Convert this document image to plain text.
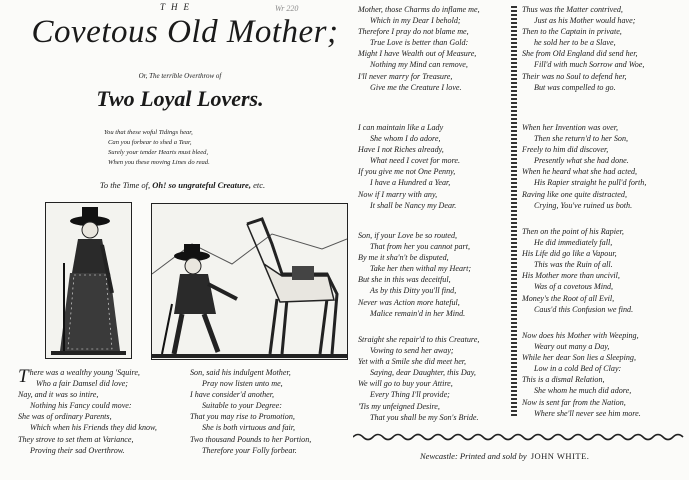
Wr 220
THE
Covetous Old Mother;
Or, The terrible Overthrow of
Two Loyal Lovers.
You that these woful Tidings hear,
Can you forbear to shed a Tear,
Surely your tender Hearts must bleed,
When you these moving Lines do read.
To the Time of, Oh! so ungrateful Creature, etc.
There was a wealthy young 'Squire,
Who a fair Damsel did love;
Nay, and it was so intire,
Nothing his Fancy could move:
She was of ordinary Parents,
Which when his Friends they did know,
They strove to set them at Variance,
Proving their sad Overthrow.
Son, said his indulgent Mother,
Pray now listen unto me,
I have consider'd another,
Suitable to your Degree:
That you may rise to Promotion,
She is both virtuous and fair,
Two thousand Pounds to her Portion,
Therefore your Folly forbear.
Mother, those Charms do inflame me,
Which in my Dear I behold;
Therefore I pray do not blame me,
True Love is better than Gold:
Might I have Wealth out of Measure,
Nothing my Mind can remove,
I'll never marry for Treasure,
Give me the Creature I love.
I can maintain like a Lady
She whom I do adore,
Have I not Riches already,
What need I covet for more.
If you give me not One Penny,
I have a Hundred a Year,
Now if I marry with any,
It shall be Nancy my Dear.
Son, if your Love be so routed,
That from her you cannot part,
By me it sha'n't be disputed,
Take her then withal my Heart;
But she in this was deceitful,
As by this Ditty you'll find,
Never was Action more hateful,
Malice remain'd in her Mind.
Straight she repair'd to this Creature,
Vowing to send her away;
Yet with a Smile she did meet her,
Saying, dear Daughter, this Day,
We will go to buy your Attire,
Every Thing I'll provide;
'Tis my unfeigned Desire,
That you shall be my Son's Bride.
Thus was the Matter contrived,
Just as his Mother would have;
Then to the Captain in private,
he sold her to be a Slave,
She from Old England did send her,
Fill'd with much Sorrow and Woe,
Their was no Soul to defend her,
But was compelled to go.
When her Invention was over,
Then she return'd to her Son,
Freely to him did discover,
Presently what she had done.
When he heard what she had acted,
His Rapier straight he pull'd forth,
Raving like one quite distracted,
Crying, You've ruined us both.
Then on the point of his Rapier,
He did immediately fall,
His Life did go like a Vapour,
This was the Ruin of all.
His Mother more than uncivil,
Was of a covetous Mind,
Money's the Root of all Evil,
Caus'd this Confusion we find.
Now does his Mother with Weeping,
Weary out many a Day,
While her dear Son lies a Sleeping,
Low in a cold Bed of Clay:
This is a dismal Relation,
She whom he much did adore,
Now is sent far from the Nation,
Where she'll never see him more.
Newcastle: Printed and sold by JOHN WHITE.
